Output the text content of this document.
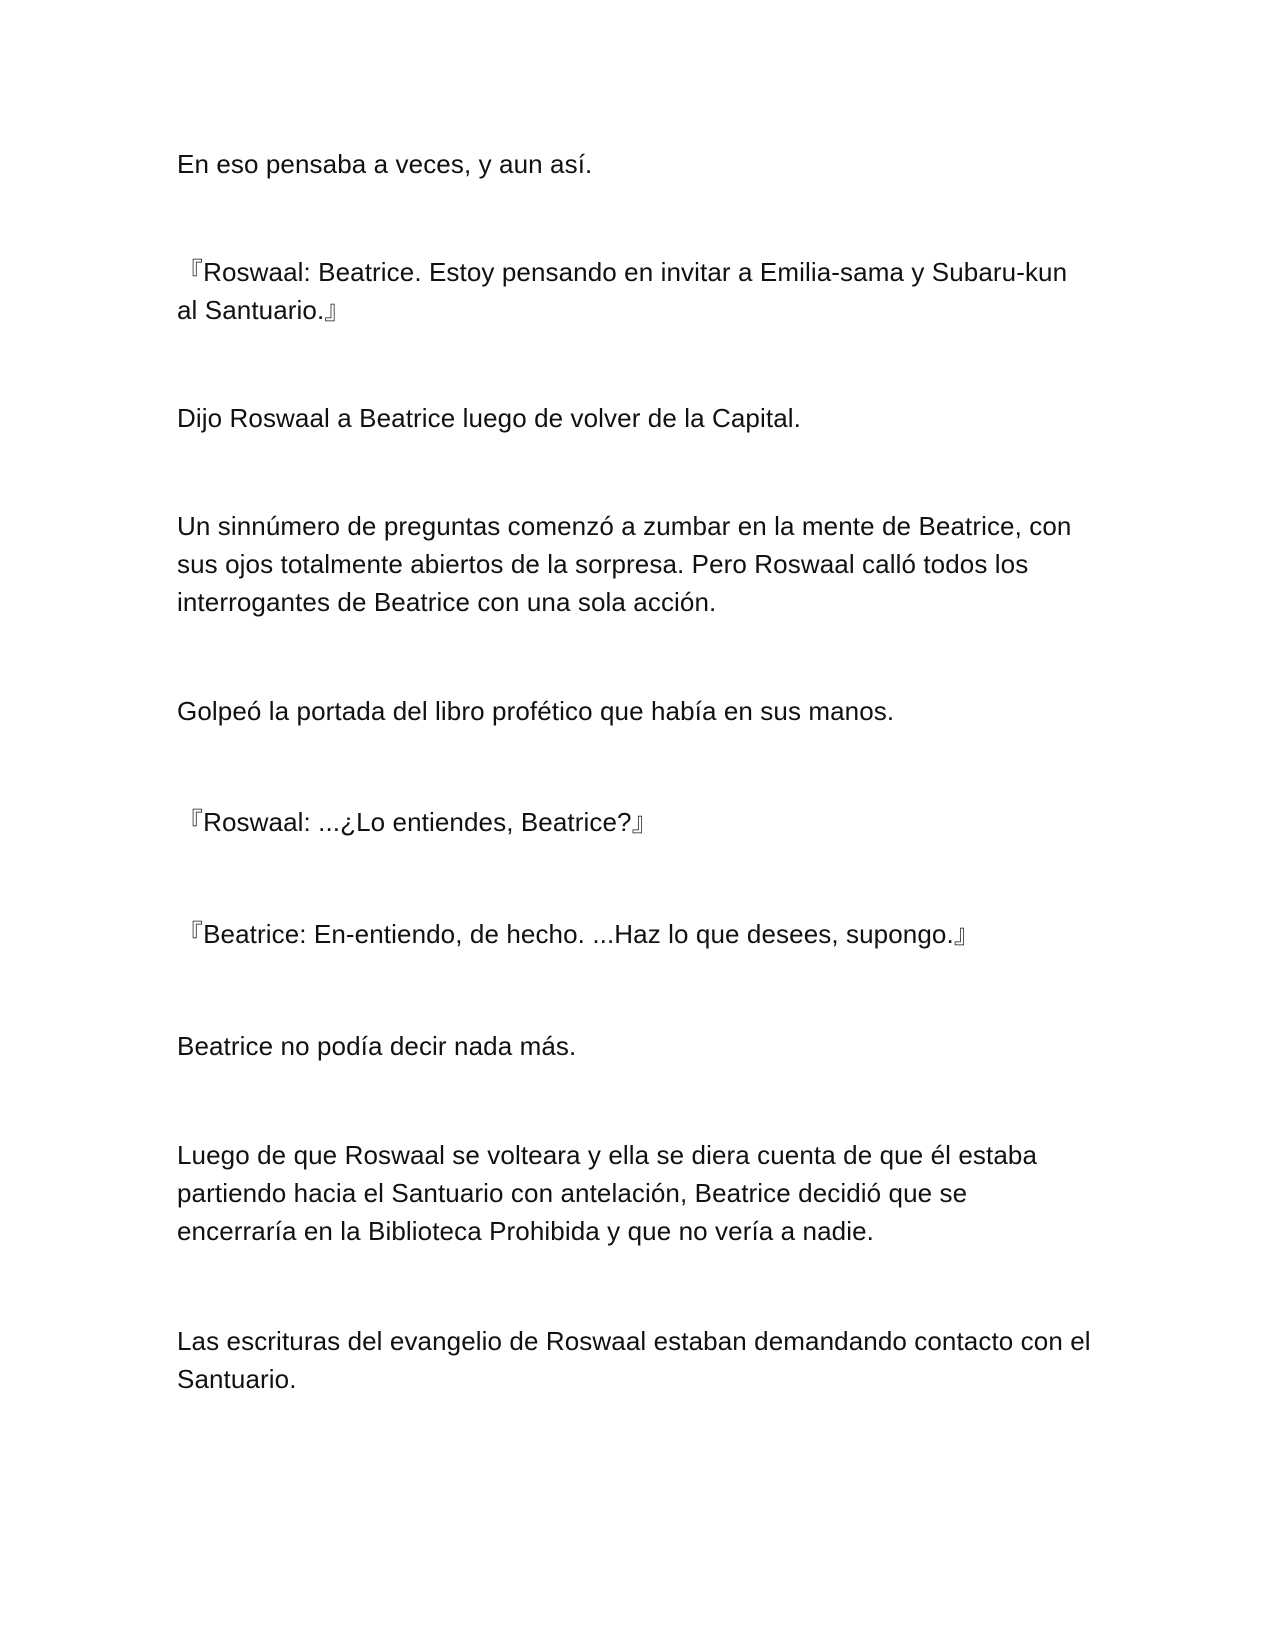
En eso pensaba a veces, y aun así.

『Roswaal: Beatrice. Estoy pensando en invitar a Emilia-sama y Subaru-kun
al Santuario.』

Dijo Roswaal a Beatrice luego de volver de la Capital.

Un sinnúmero de preguntas comenzó a zumbar en la mente de Beatrice, con
sus ojos totalmente abiertos de la sorpresa. Pero Roswaal calló todos los
interrogantes de Beatrice con una sola acción.

Golpeó la portada del libro profético que había en sus manos.

『Roswaal: ...¿Lo entiendes, Beatrice?』

『Beatrice: En-entiendo, de hecho. ...Haz lo que desees, supongo.』

Beatrice no podía decir nada más.

Luego de que Roswaal se volteara y ella se diera cuenta de que él estaba
partiendo hacia el Santuario con antelación, Beatrice decidió que se
encerraría en la Biblioteca Prohibida y que no vería a nadie.

Las escrituras del evangelio de Roswaal estaban demandando contacto con el
Santuario.
